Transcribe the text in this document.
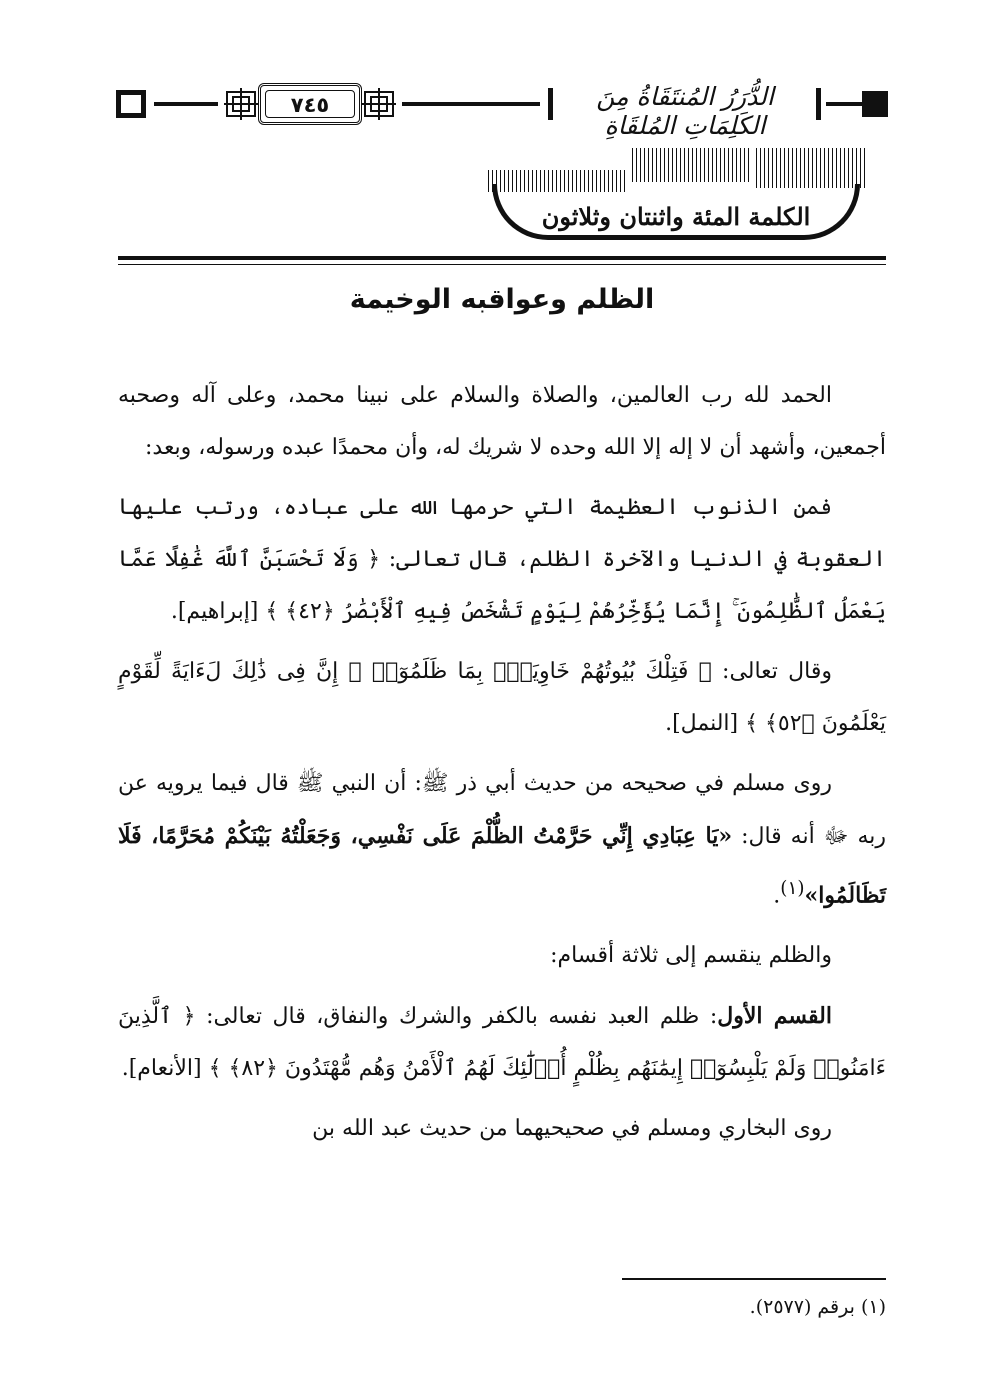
٧٤٥	الدُّرَرُ المُنتَقَاةُ مِنَ الكَلِمَاتِ المُلقَاةِ
الكلمة المئة واثنتان وثلاثون
الظلم وعواقبه الوخيمة

الحمد لله رب العالمين، والصلاة والسلام على نبينا محمد، وعلى آله وصحبه أجمعين، وأشهد أن لا إله إلا الله وحده لا شريك له، وأن محمدًا عبده ورسوله، وبعد:

فمن الذنوب العظيمة التي حرمها الله على عباده، ورتب عليها العقوبة في الدنيا والآخرة الظلم، قال تعالى: ﴿ وَلَا تَحْسَبَنَّ ٱللَّهَ غَٰفِلًا عَمَّا يَعْمَلُ ٱلظَّٰلِمُونَ ۚ إِنَّمَا يُؤَخِّرُهُمْ لِيَوْمٍ تَشْخَصُ فِيهِ ٱلْأَبْصَٰرُ ﴿٤٢﴾ ﴾ [إبراهيم].

وقال تعالى: ﴿ فَتِلْكَ بُيُوتُهُمْ خَاوِيَةًۢ بِمَا ظَلَمُوٓا۟ ۗ إِنَّ فِى ذَٰلِكَ لَءَايَةً لِّقَوْمٍ يَعْلَمُونَ ﴿٥٢﴾ ﴾ [النمل].

روى مسلم في صحيحه من حديث أبي ذر ﷺ: أن النبي ﷺ قال فيما يرويه عن ربه ﷻ أنه قال: «يَا عِبَادِي إِنِّي حَرَّمْتُ الظُّلْمَ عَلَى نَفْسِي، وَجَعَلْتُهُ بَيْنَكُمْ مُحَرَّمًا، فَلَا تَظَالَمُوا»$^{(١)}$.

والظلم ينقسم إلى ثلاثة أقسام:

القسم الأول: ظلم العبد نفسه بالكفر والشرك والنفاق، قال تعالى: ﴿ ٱلَّذِينَ ءَامَنُوا۟ وَلَمْ يَلْبِسُوٓا۟ إِيمَٰنَهُم بِظُلْمٍ أُو۟لَٰٓئِكَ لَهُمُ ٱلْأَمْنُ وَهُم مُّهْتَدُونَ ﴿٨٢﴾ ﴾ [الأنعام].

روى البخاري ومسلم في صحيحيهما من حديث عبد الله بن

(١) برقم (٢٥٧٧).
